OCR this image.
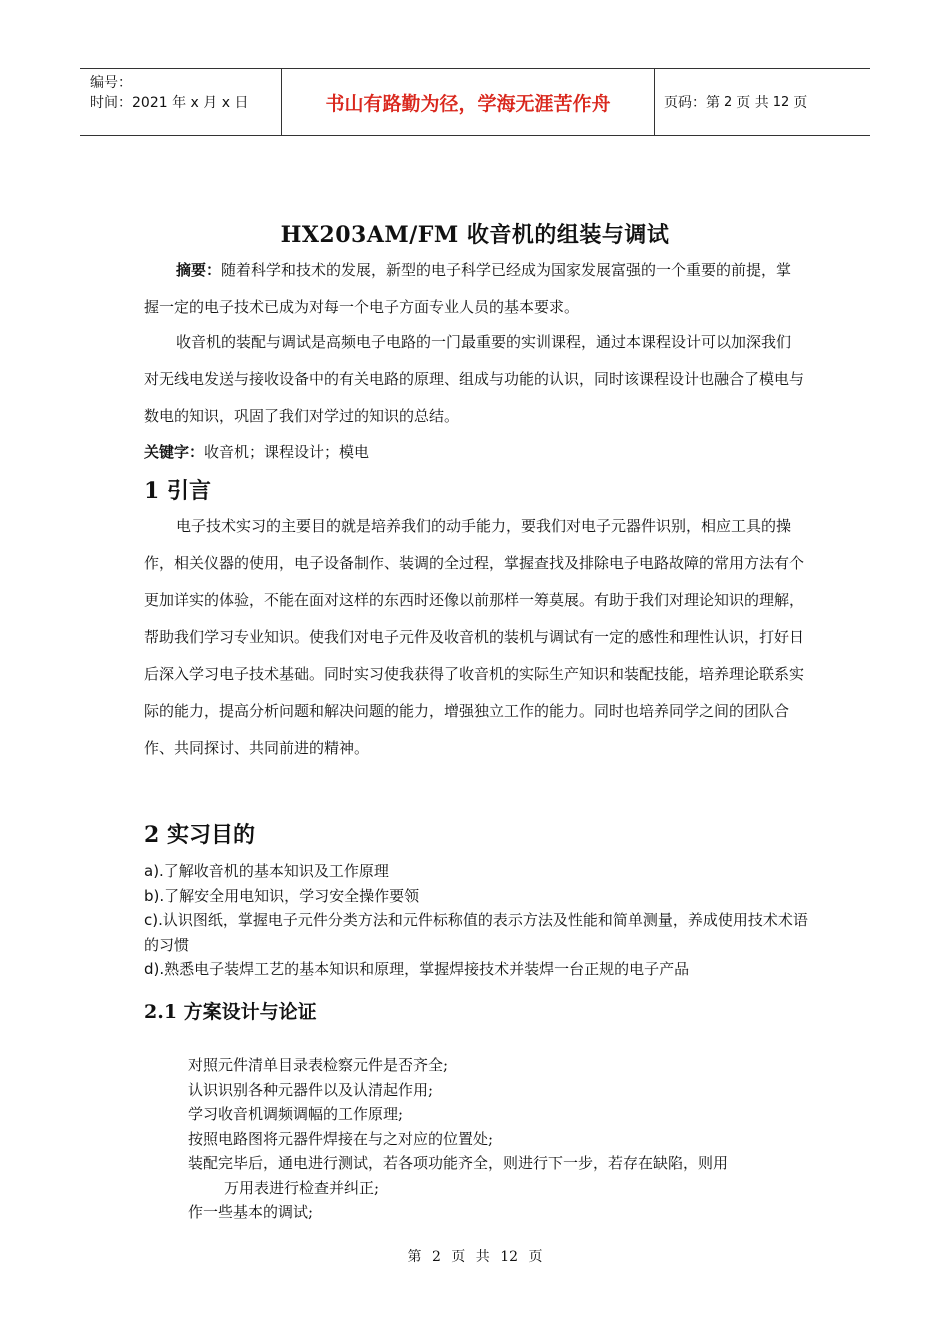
编号：
时间：2021 年 x 月 x 日	书山有路勤为径，学海无涯苦作舟	页码：第 2 页 共 12 页
HX203AM/FM 收音机的组装与调试

摘要：随着科学和技术的发展，新型的电子科学已经成为国家发展富强的一个重要的前提，掌握一定的电子技术已成为对每一个电子方面专业人员的基本要求。

收音机的装配与调试是高频电子电路的一门最重要的实训课程，通过本课程设计可以加深我们对无线电发送与接收设备中的有关电路的原理、组成与功能的认识，同时该课程设计也融合了模电与数电的知识，巩固了我们对学过的知识的总结。

关键字：收音机；课程设计；模电

1 引言

电子技术实习的主要目的就是培养我们的动手能力，要我们对电子元器件识别，相应工具的操作，相关仪器的使用，电子设备制作、装调的全过程，掌握查找及排除电子电路故障的常用方法有个更加详实的体验，不能在面对这样的东西时还像以前那样一筹莫展。有助于我们对理论知识的理解，帮助我们学习专业知识。使我们对电子元件及收音机的装机与调试有一定的感性和理性认识，打好日后深入学习电子技术基础。同时实习使我获得了收音机的实际生产知识和装配技能，培养理论联系实际的能力，提高分析问题和解决问题的能力，增强独立工作的能力。同时也培养同学之间的团队合作、共同探讨、共同前进的精神。

2 实习目的
a).了解收音机的基本知识及工作原理
b).了解安全用电知识，学习安全操作要领
c).认识图纸，掌握电子元件分类方法和元件标称值的表示方法及性能和简单测量，养成使用技术术语的习惯
d).熟悉电子装焊工艺的基本知识和原理，掌握焊接技术并装焊一台正规的电子产品
2.1 方案设计与论证
对照元件清单目录表检察元件是否齐全;
认识识别各种元器件以及认清起作用;
学习收音机调频调幅的工作原理;
按照电路图将元器件焊接在与之对应的位置处;
装配完毕后，通电进行测试，若各项功能齐全，则进行下一步，若存在缺陷，则用
万用表进行检查并纠正;
作一些基本的调试;
第 2 页 共 12 页
